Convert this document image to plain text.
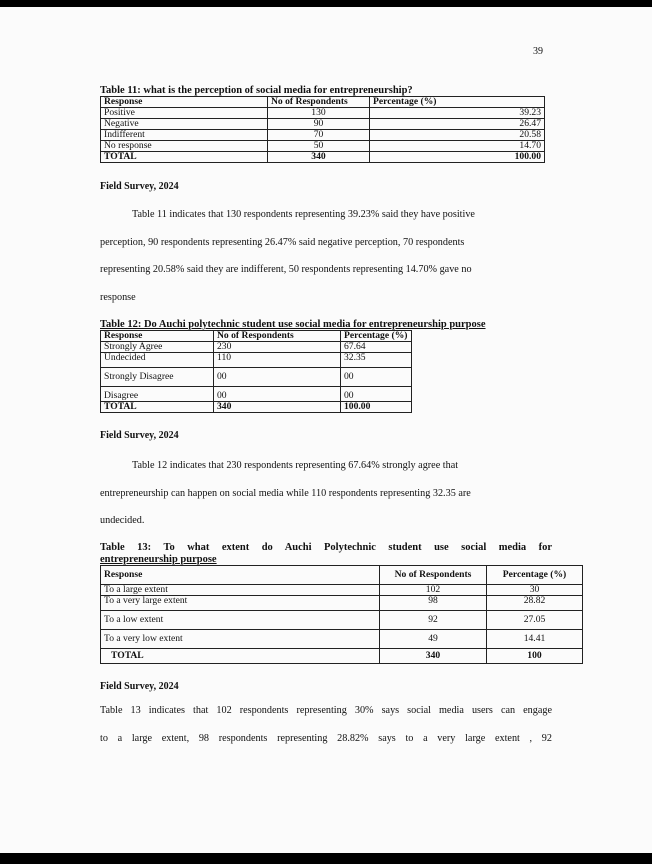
39
Table 11: what is the perception of social media for entrepreneurship?
Response	No of Respondents	Percentage (%)
Positive	130	39.23
Negative	90	26.47
Indifferent	70	20.58
No response	50	14.70
TOTAL	340	100.00
Field Survey, 2024
Table 11 indicates that 130 respondents representing 39.23% said they have positive
perception, 90 respondents representing 26.47% said negative perception, 70 respondents
representing 20.58% said they are indifferent, 50 respondents representing 14.70% gave no
response
Table 12: Do Auchi polytechnic student use social media for entrepreneurship purpose
Response	No of Respondents	Percentage (%)
Strongly Agree	230	67.64
Undecided	110	32.35
Strongly Disagree	00	00
Disagree	00	00
TOTAL	340	100.00
Field Survey, 2024
Table 12 indicates that 230 respondents representing 67.64% strongly agree that
entrepreneurship can happen on social media while 110 respondents representing 32.35 are
undecided.
Table 13: To what extent do Auchi Polytechnic student use social media for
entrepreneurship purpose
Response	No of Respondents	Percentage (%)
To a large extent	102	30
To a very large extent	98	28.82
To a low extent	92	27.05
To a very low extent	49	14.41
TOTAL	340	100
Field Survey, 2024
Table 13 indicates that 102 respondents representing 30% says social media users can engage
to a large extent, 98 respondents representing 28.82% says to a very large extent , 92
